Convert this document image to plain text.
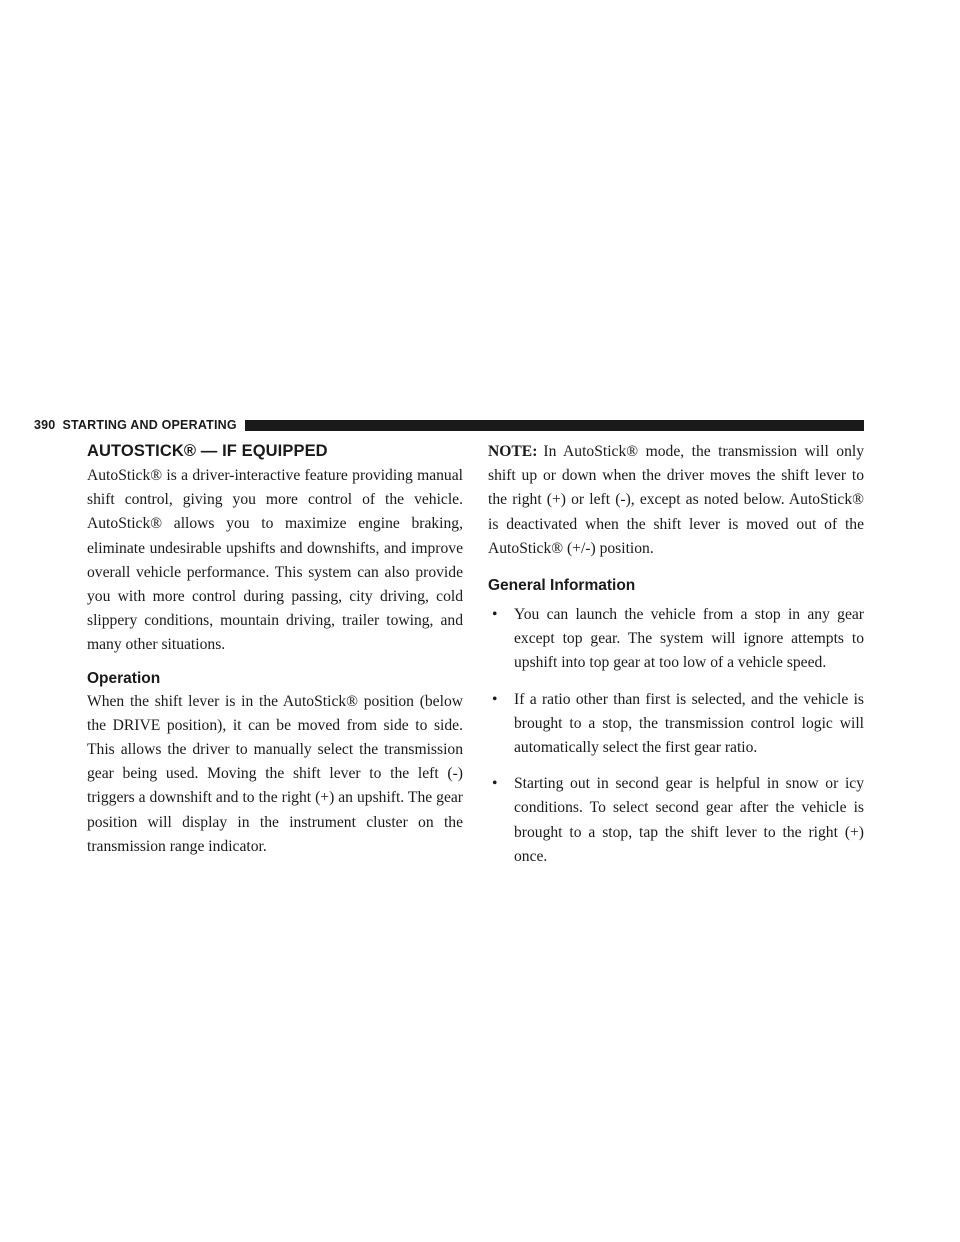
390 STARTING AND OPERATING
AUTOSTICK® — IF EQUIPPED

AutoStick® is a driver-interactive feature providing manual shift control, giving you more control of the vehicle. AutoStick® allows you to maximize engine braking, eliminate undesirable upshifts and downshifts, and improve overall vehicle performance. This system can also provide you with more control during passing, city driving, cold slippery conditions, mountain driving, trailer towing, and many other situations.

Operation

When the shift lever is in the AutoStick® position (below the DRIVE position), it can be moved from side to side. This allows the driver to manually select the transmission gear being used. Moving the shift lever to the left (-) triggers a downshift and to the right (+) an upshift. The gear position will display in the instrument cluster on the transmission range indicator.

NOTE: In AutoStick® mode, the transmission will only shift up or down when the driver moves the shift lever to the right (+) or left (-), except as noted below. AutoStick® is deactivated when the shift lever is moved out of the AutoStick® (+/-) position.

General Information
• You can launch the vehicle from a stop in any gear except top gear. The system will ignore attempts to upshift into top gear at too low of a vehicle speed.
• If a ratio other than first is selected, and the vehicle is brought to a stop, the transmission control logic will automatically select the first gear ratio.
• Starting out in second gear is helpful in snow or icy conditions. To select second gear after the vehicle is brought to a stop, tap the shift lever to the right (+) once.
